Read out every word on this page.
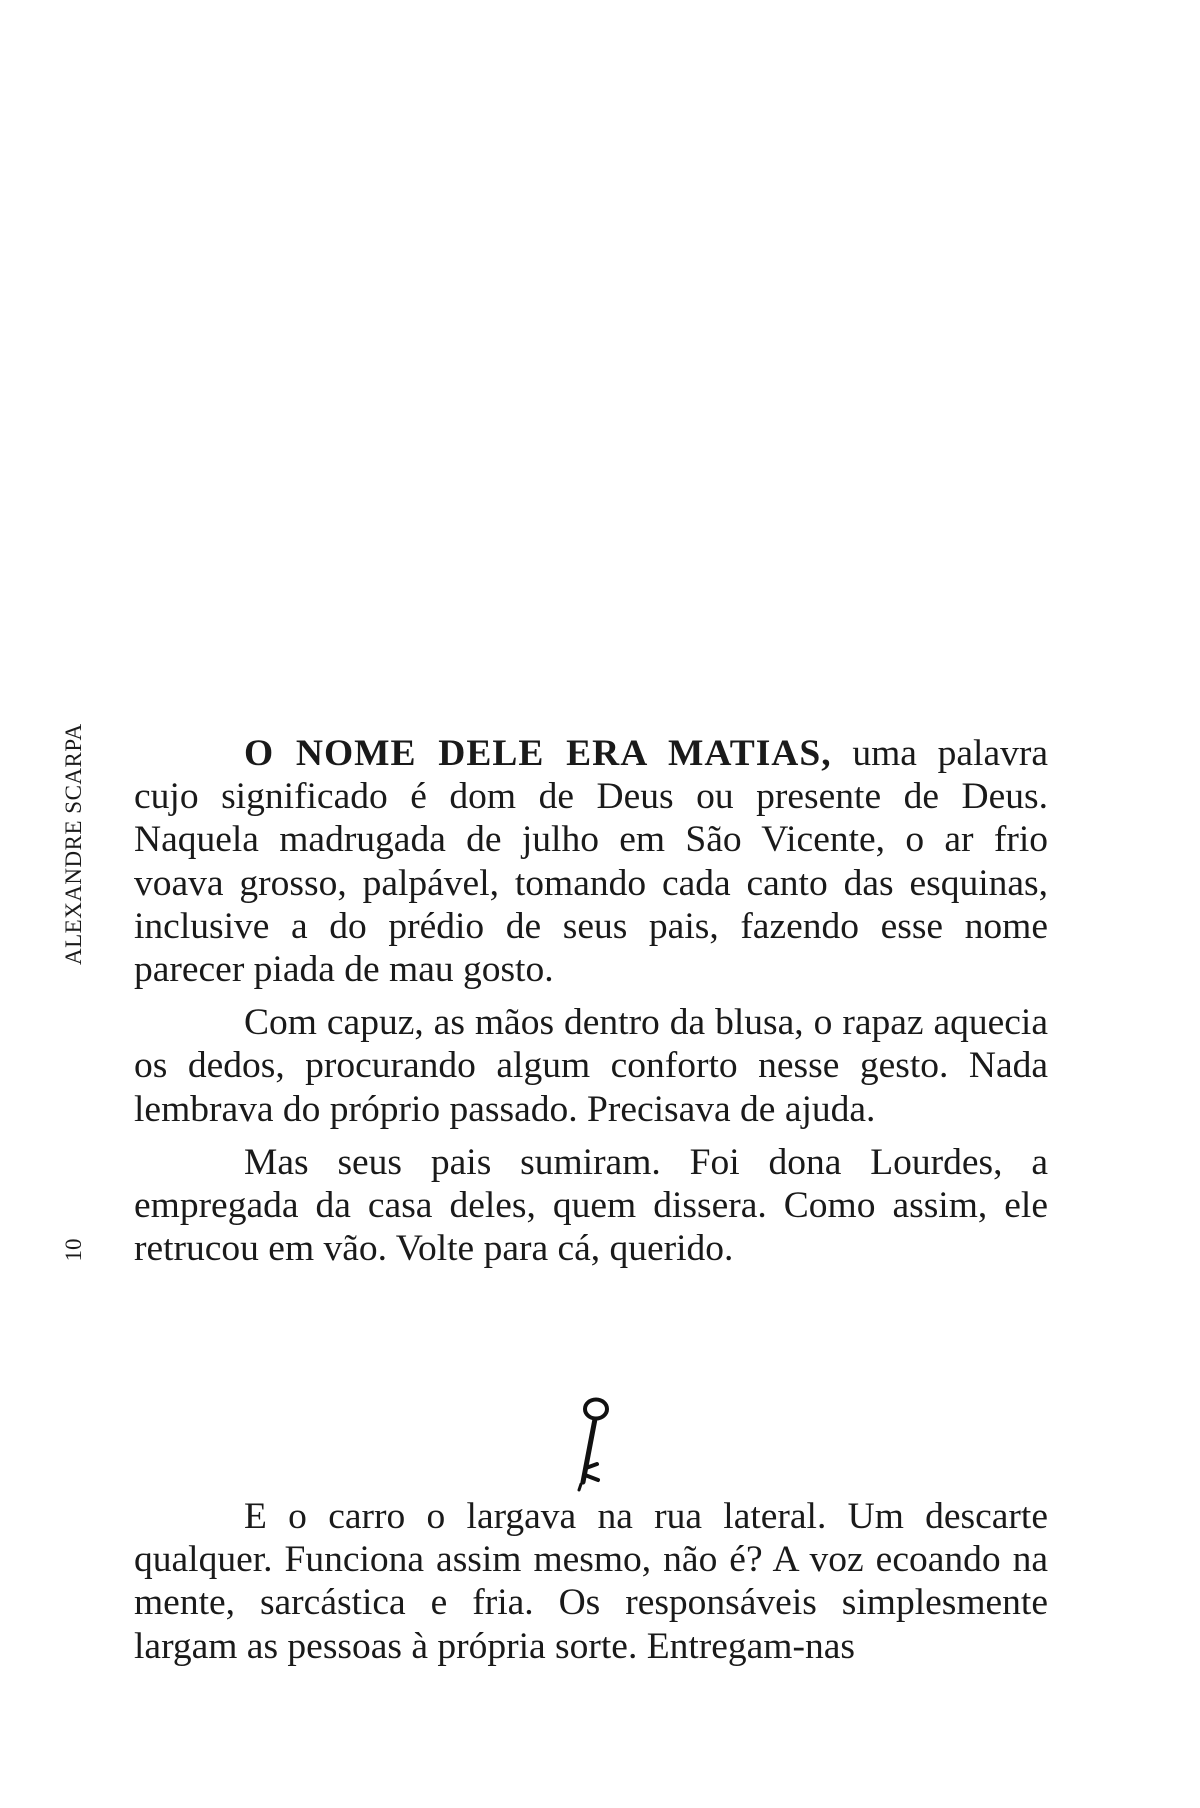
ALEXANDRE SCARPA
10

O NOME DELE ERA MATIAS, uma palavra cujo significado é dom de Deus ou presente de Deus. Naquela madrugada de julho em São Vicente, o ar frio voava grosso, palpável, tomando cada canto das esquinas, inclusive a do prédio de seus pais, fazendo esse nome parecer piada de mau gosto.

Com capuz, as mãos dentro da blusa, o rapaz aquecia os dedos, procurando algum conforto nesse gesto. Nada lembrava do próprio passado. Precisava de ajuda.

Mas seus pais sumiram. Foi dona Lourdes, a empregada da casa deles, quem dissera. Como assim, ele retrucou em vão. Volte para cá, querido.

E o carro o largava na rua lateral. Um descarte qualquer. Funciona assim mesmo, não é? A voz ecoando na mente, sarcástica e fria. Os responsáveis simplesmente largam as pessoas à própria sorte. Entregam-nas
